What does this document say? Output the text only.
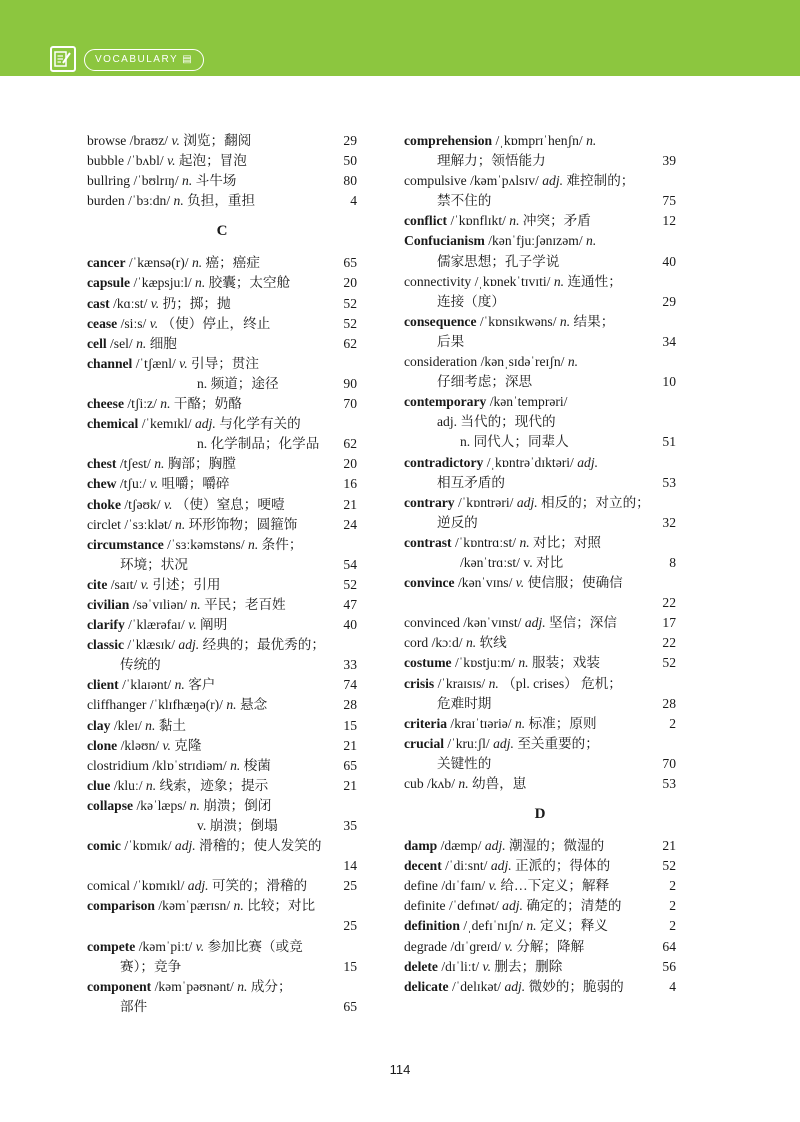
VOCABULARY ▤
browse /braʊz/ v. 浏览；翻阅	29
bubble /ˈbʌbl/ v. 起泡；冒泡	50
bullring /ˈbʊlrɪŋ/ n. 斗牛场	80
burden /ˈbɜːdn/ n. 负担，重担	4
C
cancer /ˈkænsə(r)/ n. 癌；癌症	65
capsule /ˈkæpsjuːl/ n. 胶囊；太空舱	20
cast /kɑːst/ v. 扔；掷；抛	52
cease /siːs/ v. （使）停止，终止	52
cell /sel/ n. 细胞	62
channel /ˈtʃænl/ v. 引导；贯注
n. 频道；途径	90
cheese /tʃiːz/ n. 干酪；奶酪	70
chemical /ˈkemɪkl/ adj. 与化学有关的
n. 化学制品；化学品	62
chest /tʃest/ n. 胸部；胸膛	20
chew /tʃuː/ v. 咀嚼；嚼碎	16
choke /tʃəʊk/ v. （使）窒息；哽噎	21
circlet /ˈsɜːklət/ n. 环形饰物；圆箍饰	24
circumstance /ˈsɜːkəmstəns/ n. 条件；
环境；状况	54
cite /saɪt/ v. 引述；引用	52
civilian /səˈvɪliən/ n. 平民；老百姓	47
clarify /ˈklærəfaɪ/ v. 阐明	40
classic /ˈklæsɪk/ adj. 经典的；最优秀的；
传统的	33
client /ˈklaɪənt/ n. 客户	74
cliffhanger /ˈklɪfhæŋə(r)/ n. 悬念	28
clay /kleɪ/ n. 黏土	15
clone /kləʊn/ v. 克隆	21
clostridium /klɒˈstrɪdiəm/ n. 梭菌	65
clue /kluː/ n. 线索，迹象；提示	21
collapse /kəˈlæps/ n. 崩溃；倒闭
v. 崩溃；倒塌	35
comic /ˈkɒmɪk/ adj. 滑稽的；使人发笑的

14
comical /ˈkɒmɪkl/ adj. 可笑的；滑稽的	25
comparison /kəmˈpærɪsn/ n. 比较；对比

25
compete /kəmˈpiːt/ v. 参加比赛（或竞
赛）；竞争	15
component /kəmˈpəʊnənt/ n. 成分；
部件	65
comprehension /ˌkɒmprɪˈhenʃn/ n.
理解力；领悟能力	39
compulsive /kəmˈpʌlsɪv/ adj. 难控制的；
禁不住的	75
conflict /ˈkɒnflɪkt/ n. 冲突；矛盾	12
Confucianism /kənˈfjuːʃənɪzəm/ n.
儒家思想；孔子学说	40
connectivity /ˌkɒnekˈtɪvɪti/ n. 连通性；
连接（度）	29
consequence /ˈkɒnsɪkwəns/ n. 结果；
后果	34
consideration /kənˌsɪdəˈreɪʃn/ n.
仔细考虑；深思	10
contemporary /kənˈtemprəri/
adj. 当代的；现代的
n. 同代人；同辈人	51
contradictory /ˌkɒntrəˈdɪktəri/ adj.
相互矛盾的	53
contrary /ˈkɒntrəri/ adj. 相反的；对立的；
逆反的	32
contrast /ˈkɒntrɑːst/ n. 对比；对照
/kənˈtrɑːst/ v. 对比	8
convince /kənˈvɪns/ v. 使信服；使确信

22
convinced /kənˈvɪnst/ adj. 坚信；深信	17
cord /kɔːd/ n. 软线	22
costume /ˈkɒstjuːm/ n. 服装；戏装	52
crisis /ˈkraɪsɪs/ n. （pl. crises） 危机；
危难时期	28
criteria /kraɪˈtɪəriə/ n. 标准；原则	2
crucial /ˈkruːʃl/ adj. 至关重要的；
关键性的	70
cub /kʌb/ n. 幼兽，崽	53
D
damp /dæmp/ adj. 潮湿的；微湿的	21
decent /ˈdiːsnt/ adj. 正派的；得体的	52
define /dɪˈfaɪn/ v. 给…下定义；解释	2
definite /ˈdefɪnət/ adj. 确定的；清楚的	2
definition /ˌdefɪˈnɪʃn/ n. 定义；释义	2
degrade /dɪˈɡreɪd/ v. 分解；降解	64
delete /dɪˈliːt/ v. 删去；删除	56
delicate /ˈdelɪkət/ adj. 微妙的；脆弱的	4
114
